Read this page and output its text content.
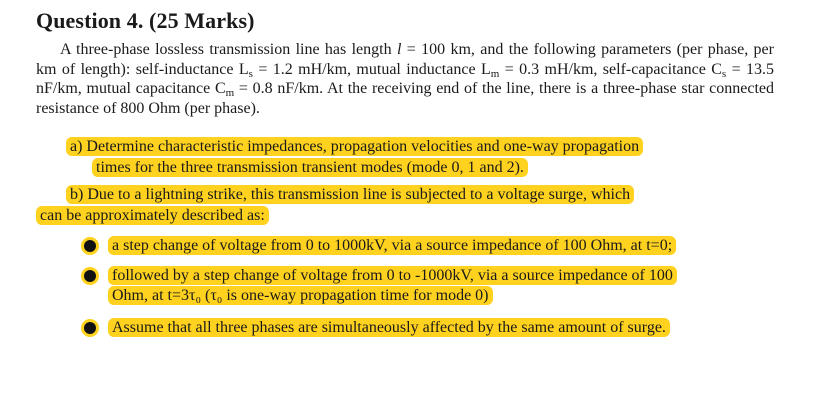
Question 4. (25 Marks)
A three-phase lossless transmission line has length l = 100 km, and the following parameters (per phase, per km of length): self-inductance $L_s = 1.2$ mH/km, mutual inductance $L_m = 0.3$ mH/km, self-capacitance $C_s = 13.5$ nF/km, mutual capacitance $C_m = 0.8$ nF/km. At the receiving end of the line, there is a three-phase star connected resistance of 800 Ohm (per phase).
a) Determine characteristic impedances, propagation velocities and one-way propagation
times for the three transmission transient modes (mode 0, 1 and 2).
b) Due to a lightning strike, this transmission line is subjected to a voltage surge, which
can be approximately described as:
a step change of voltage from 0 to 1000kV, via a source impedance of 100 Ohm, at t=0;
followed by a step change of voltage from 0 to -1000kV, via a source impedance of 100
Ohm, at t=3τ₀ (τ₀ is one-way propagation time for mode 0)
Assume that all three phases are simultaneously affected by the same amount of surge.
